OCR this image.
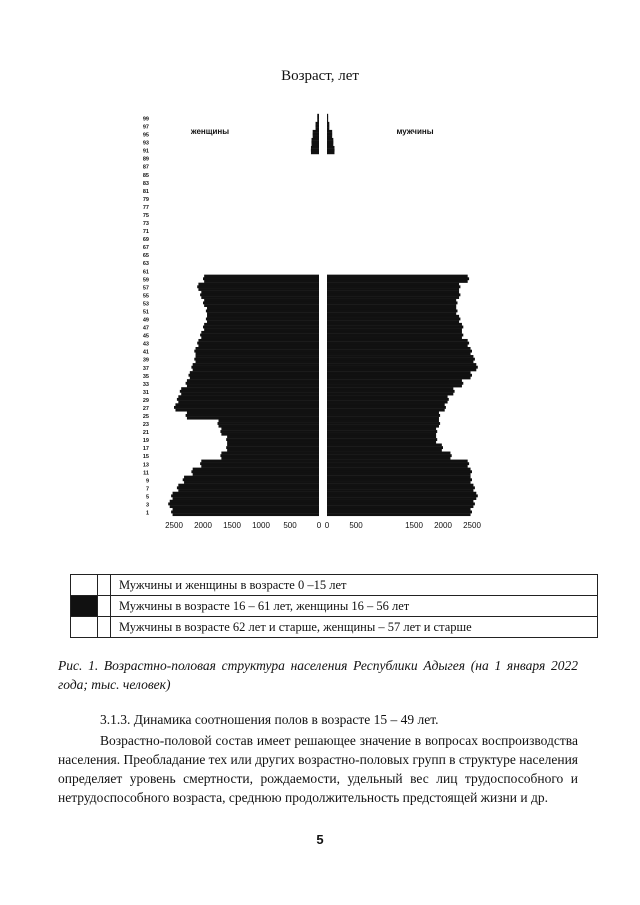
Возраст, лет
99
97
95
93
91
89
87
85
83
81
79
77
75
73
71
69
67
65
63
61
59
57
55
53
51
49
47
45
43
41
39
37
35
33
31
29
27
25
23
21
19
17
15
13
11
9
7
5
3
1
женщины	мужчины
2500 2000 1500 1000 500	0 0	500	1500 2000 2500
		Мужчины и женщины в возрасте 0 –15 лет
		Мужчины в возрасте 16 – 61 лет, женщины 16 – 56 лет
		Мужчины в возрасте 62 лет и старше, женщины – 57 лет и старше
Рис. 1. Возрастно-половая структура населения Республики Адыгея (на 1 января 2022 года; тыс. человек)
3.1.3. Динамика соотношения полов в возрасте 15 – 49 лет.
Возрастно-половой состав имеет решающее значение в вопросах воспроизводства населения. Преобладание тех или других возрастно-половых групп в структуре населения определяет уровень смертности, рождаемости, удельный вес лиц трудоспособного и нетрудоспособного возраста, среднюю продолжительность предстоящей жизни и др.
5
